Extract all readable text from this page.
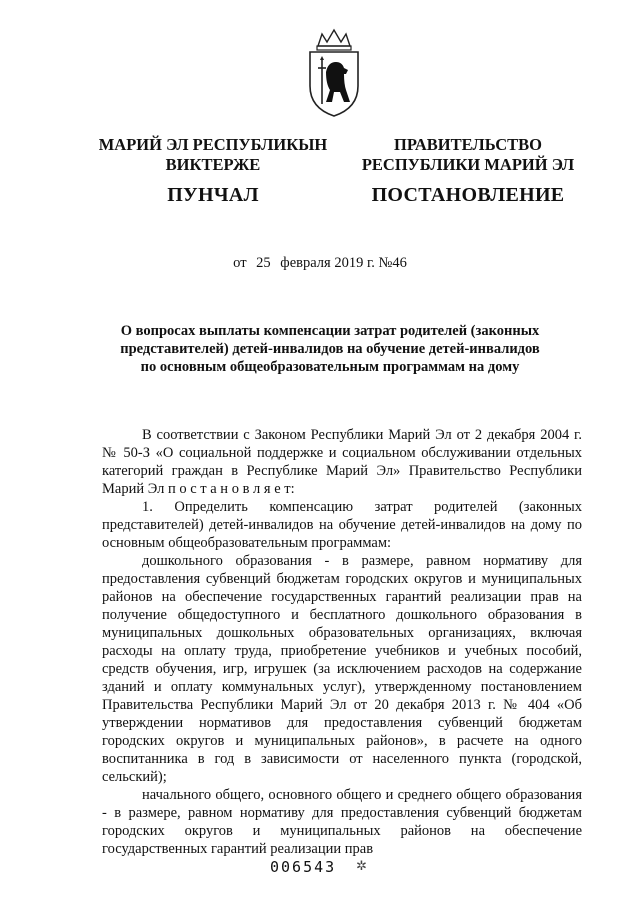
МАРИЙ ЭЛ РЕСПУБЛИКЫН
ВИКТЕРЖЕ
ПУНЧАЛ
ПРАВИТЕЛЬСТВО
РЕСПУБЛИКИ МАРИЙ ЭЛ
ПОСТАНОВЛЕНИЕ
от 25 февраля 2019 г. №46
О вопросах выплаты компенсации затрат родителей (законных
представителей) детей-инвалидов на обучение детей-инвалидов
по основным общеобразовательным программам на дому

В соответствии с Законом Республики Марий Эл от 2 декабря 2004 г. № 50-З «О социальной поддержке и социальном обслуживании отдельных категорий граждан в Республике Марий Эл» Правительство Республики Марий Эл п о с т а н о в л я е т:

1. Определить компенсацию затрат родителей (законных представителей) детей-инвалидов на обучение детей-инвалидов на дому по основным общеобразовательным программам:

дошкольного образования - в размере, равном нормативу для предоставления субвенций бюджетам городских округов и муниципальных районов на обеспечение государственных гарантий реализации прав на получение общедоступного и бесплатного дошкольного образования в муниципальных дошкольных образовательных организациях, включая расходы на оплату труда, приобретение учебников и учебных пособий, средств обучения, игр, игрушек (за исключением расходов на содержание зданий и оплату коммунальных услуг), утвержденному постановлением Правительства Республики Марий Эл от 20 декабря 2013 г. № 404 «Об утверждении нормативов для предоставления субвенций бюджетам городских округов и муниципальных районов», в расчете на одного воспитанника в год в зависимости от населенного пункта (городской, сельский);

начального общего, основного общего и среднего общего образования - в размере, равном нормативу для предоставления субвенций бюджетам городских округов и муниципальных районов на обеспечение государственных гарантий реализации прав

006543 ✲
